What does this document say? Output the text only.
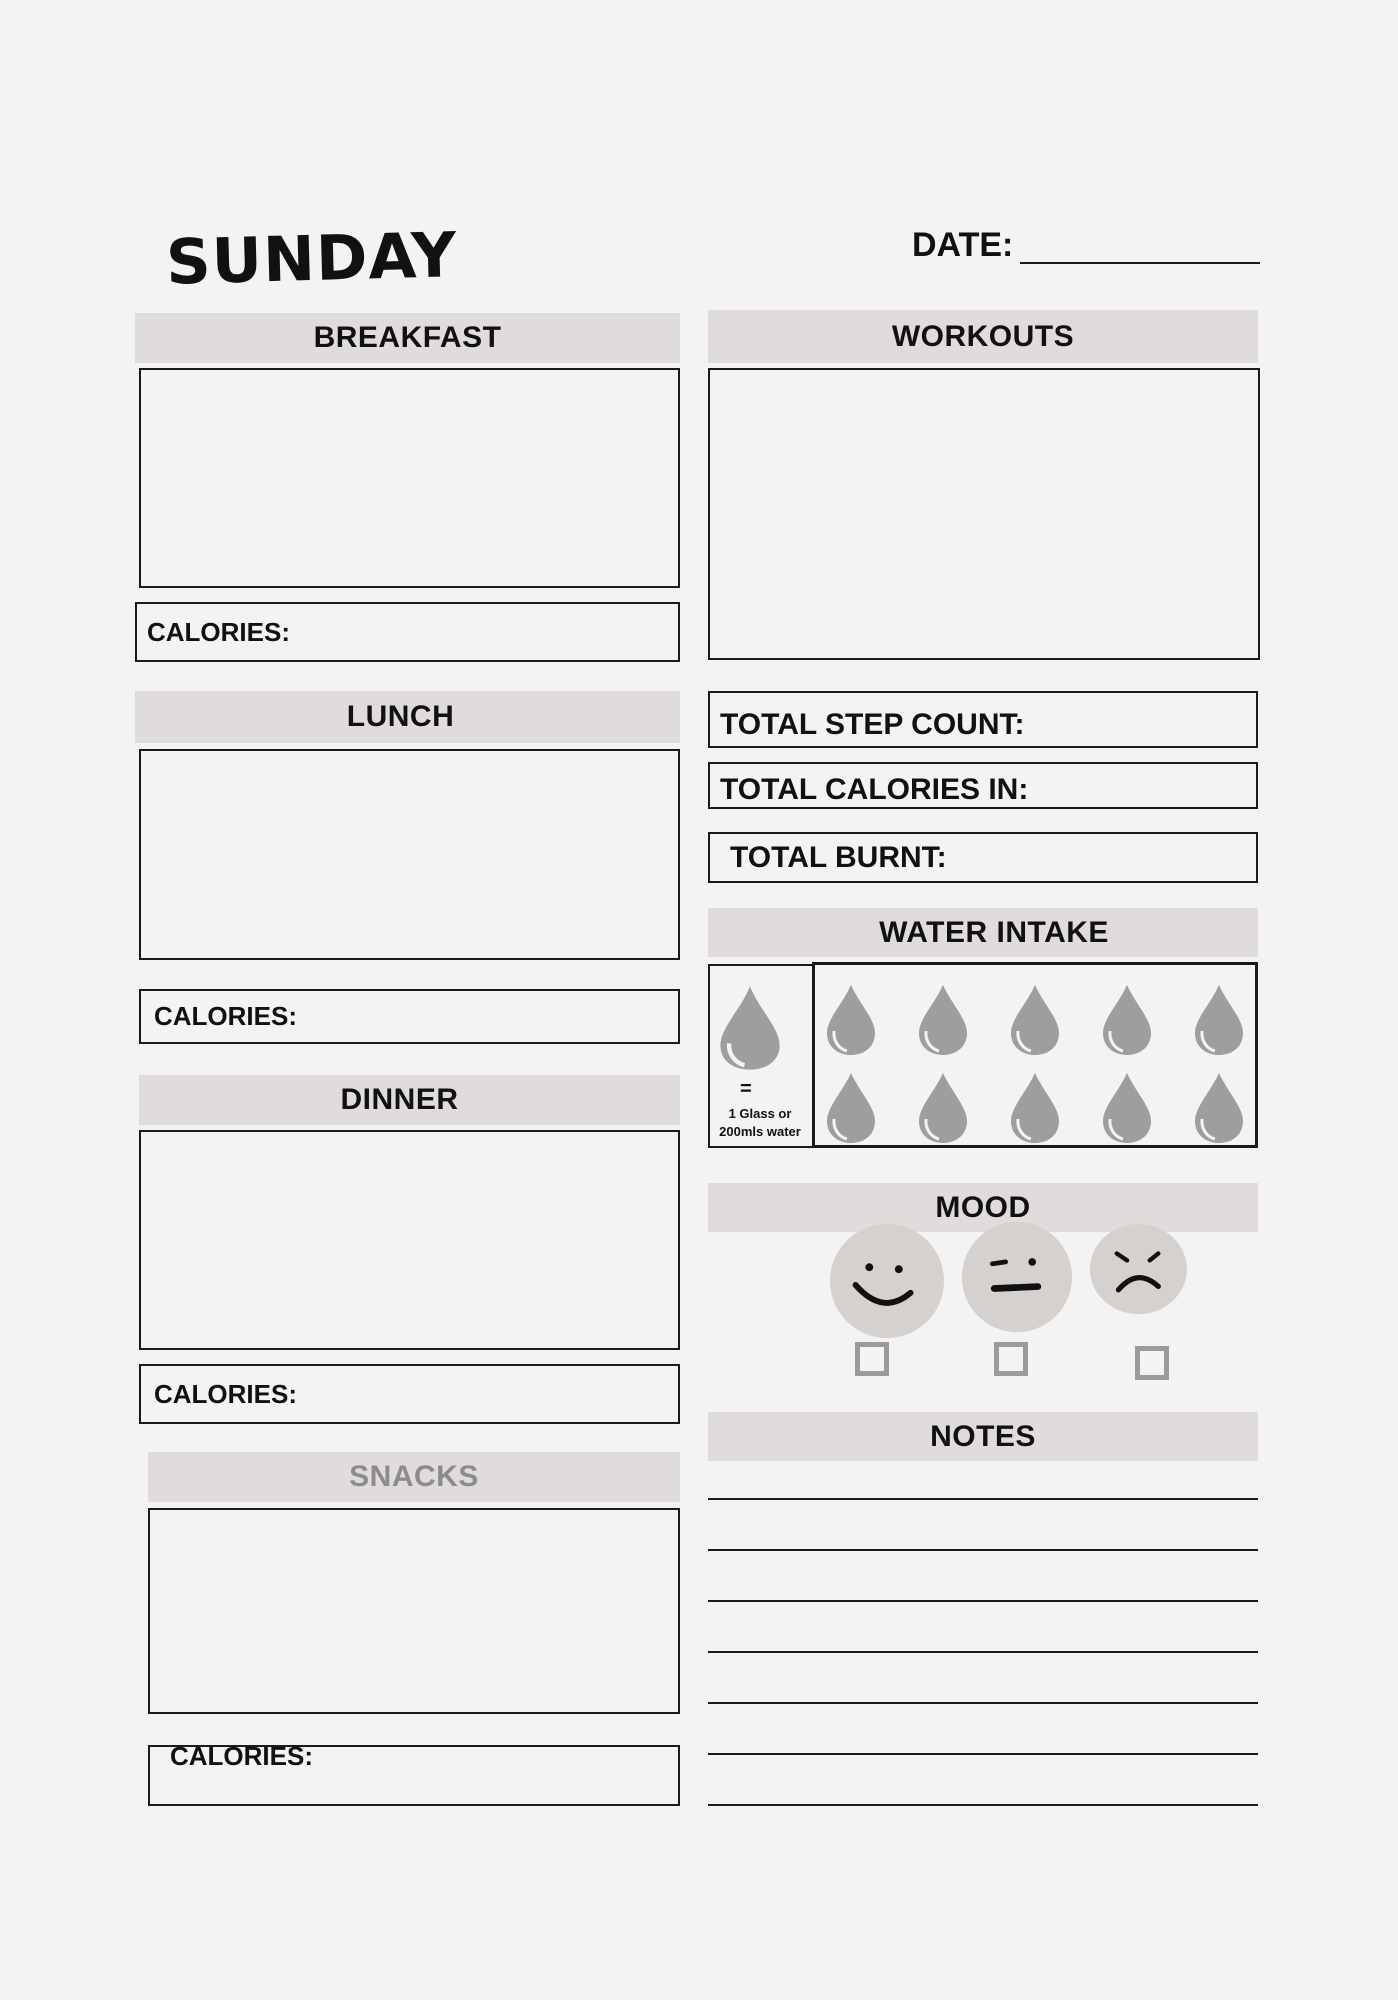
SUNDAY	DATE:
BREAKFAST
CALORIES:
LUNCH
CALORIES:
DINNER
CALORIES:
SNACKS
CALORIES:
WORKOUTS
TOTAL STEP COUNT:
TOTAL CALORIES IN:
TOTAL BURNT:
WATER INTAKE
=
1 Glass or
200mls water
MOOD
NOTES
